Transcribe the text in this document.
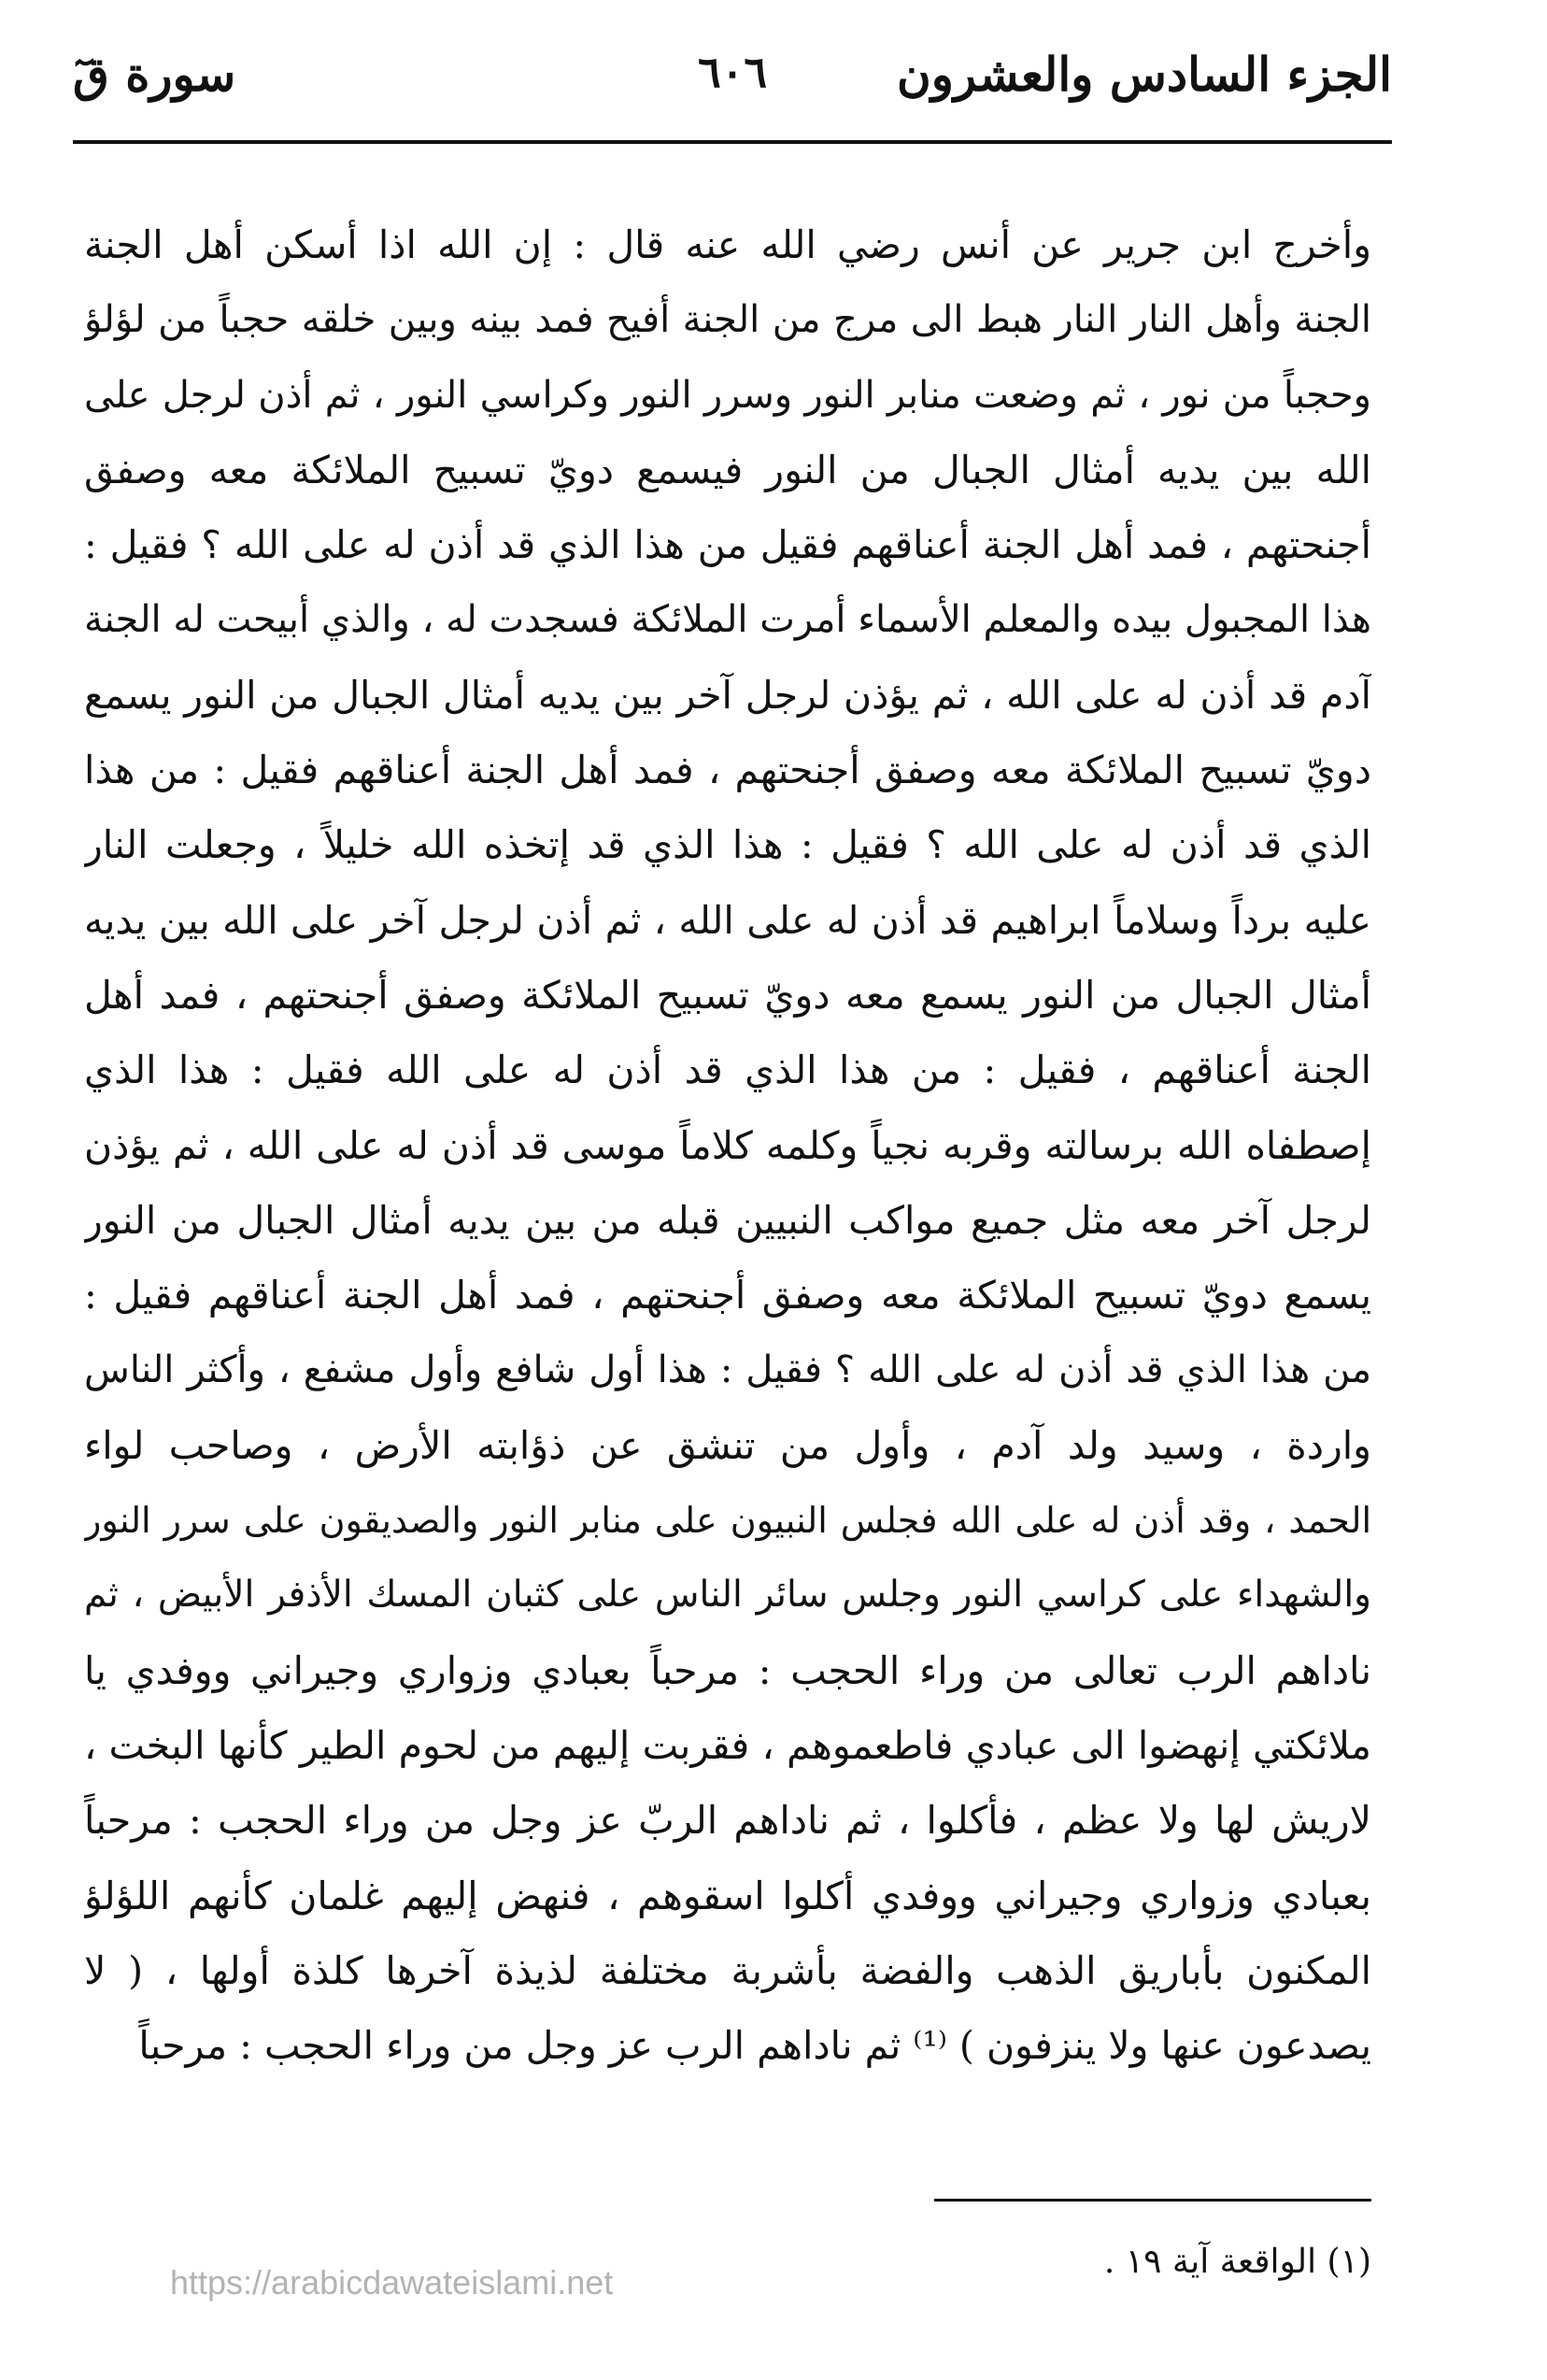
الجزء السادس والعشرون
٦٠٦
سورة قٓ
وأخرج ابن جرير عن أنس رضي الله عنه قال : إن الله اذا أسكن أهل الجنة
الجنة وأهل النار النار هبط الى مرج من الجنة أفيح فمد بينه وبين خلقه حجباً من لؤلؤ
وحجباً من نور ، ثم وضعت منابر النور وسرر النور وكراسي النور ، ثم أذن لرجل على
الله بين يديه أمثال الجبال من النور فيسمع دويّ تسبيح الملائكة معه وصفق
أجنحتهم ، فمد أهل الجنة أعناقهم فقيل من هذا الذي قد أذن له على الله ؟ فقيل :
هذا المجبول بيده والمعلم الأسماء أمرت الملائكة فسجدت له ، والذي أبيحت له الجنة
آدم قد أذن له على الله ، ثم يؤذن لرجل آخر بين يديه أمثال الجبال من النور يسمع
دويّ تسبيح الملائكة معه وصفق أجنحتهم ، فمد أهل الجنة أعناقهم فقيل : من هذا
الذي قد أذن له على الله ؟ فقيل : هذا الذي قد إتخذه الله خليلاً ، وجعلت النار
عليه برداً وسلاماً ابراهيم قد أذن له على الله ، ثم أذن لرجل آخر على الله بين يديه
أمثال الجبال من النور يسمع معه دويّ تسبيح الملائكة وصفق أجنحتهم ، فمد أهل
الجنة أعناقهم ، فقيل : من هذا الذي قد أذن له على الله فقيل : هذا الذي
إصطفاه الله برسالته وقربه نجياً وكلمه كلاماً موسى قد أذن له على الله ، ثم يؤذن
لرجل آخر معه مثل جميع مواكب النبيين قبله من بين يديه أمثال الجبال من النور
يسمع دويّ تسبيح الملائكة معه وصفق أجنحتهم ، فمد أهل الجنة أعناقهم فقيل :
من هذا الذي قد أذن له على الله ؟ فقيل : هذا أول شافع وأول مشفع ، وأكثر الناس
واردة ، وسيد ولد آدم ، وأول من تنشق عن ذؤابته الأرض ، وصاحب لواء
الحمد ، وقد أذن له على الله فجلس النبيون على منابر النور والصديقون على سرر النور
والشهداء على كراسي النور وجلس سائر الناس على كثبان المسك الأذفر الأبيض ، ثم
ناداهم الرب تعالى من وراء الحجب : مرحباً بعبادي وزواري وجيراني ووفدي يا
ملائكتي إنهضوا الى عبادي فاطعموهم ، فقربت إليهم من لحوم الطير كأنها البخت ،
لاريش لها ولا عظم ، فأكلوا ، ثم ناداهم الربّ عز وجل من وراء الحجب : مرحباً
بعبادي وزواري وجيراني ووفدي أكلوا اسقوهم ، فنهض إليهم غلمان كأنهم اللؤلؤ
المكنون بأباريق الذهب والفضة بأشربة مختلفة لذيذة آخرها كلذة أولها ، ( لا
يصدعون عنها ولا ينزفون ) ⁽¹⁾ ثم ناداهم الرب عز وجل من وراء الحجب : مرحباً
(١) الواقعة آية ١٩ .
https://arabicdawateislami.net
